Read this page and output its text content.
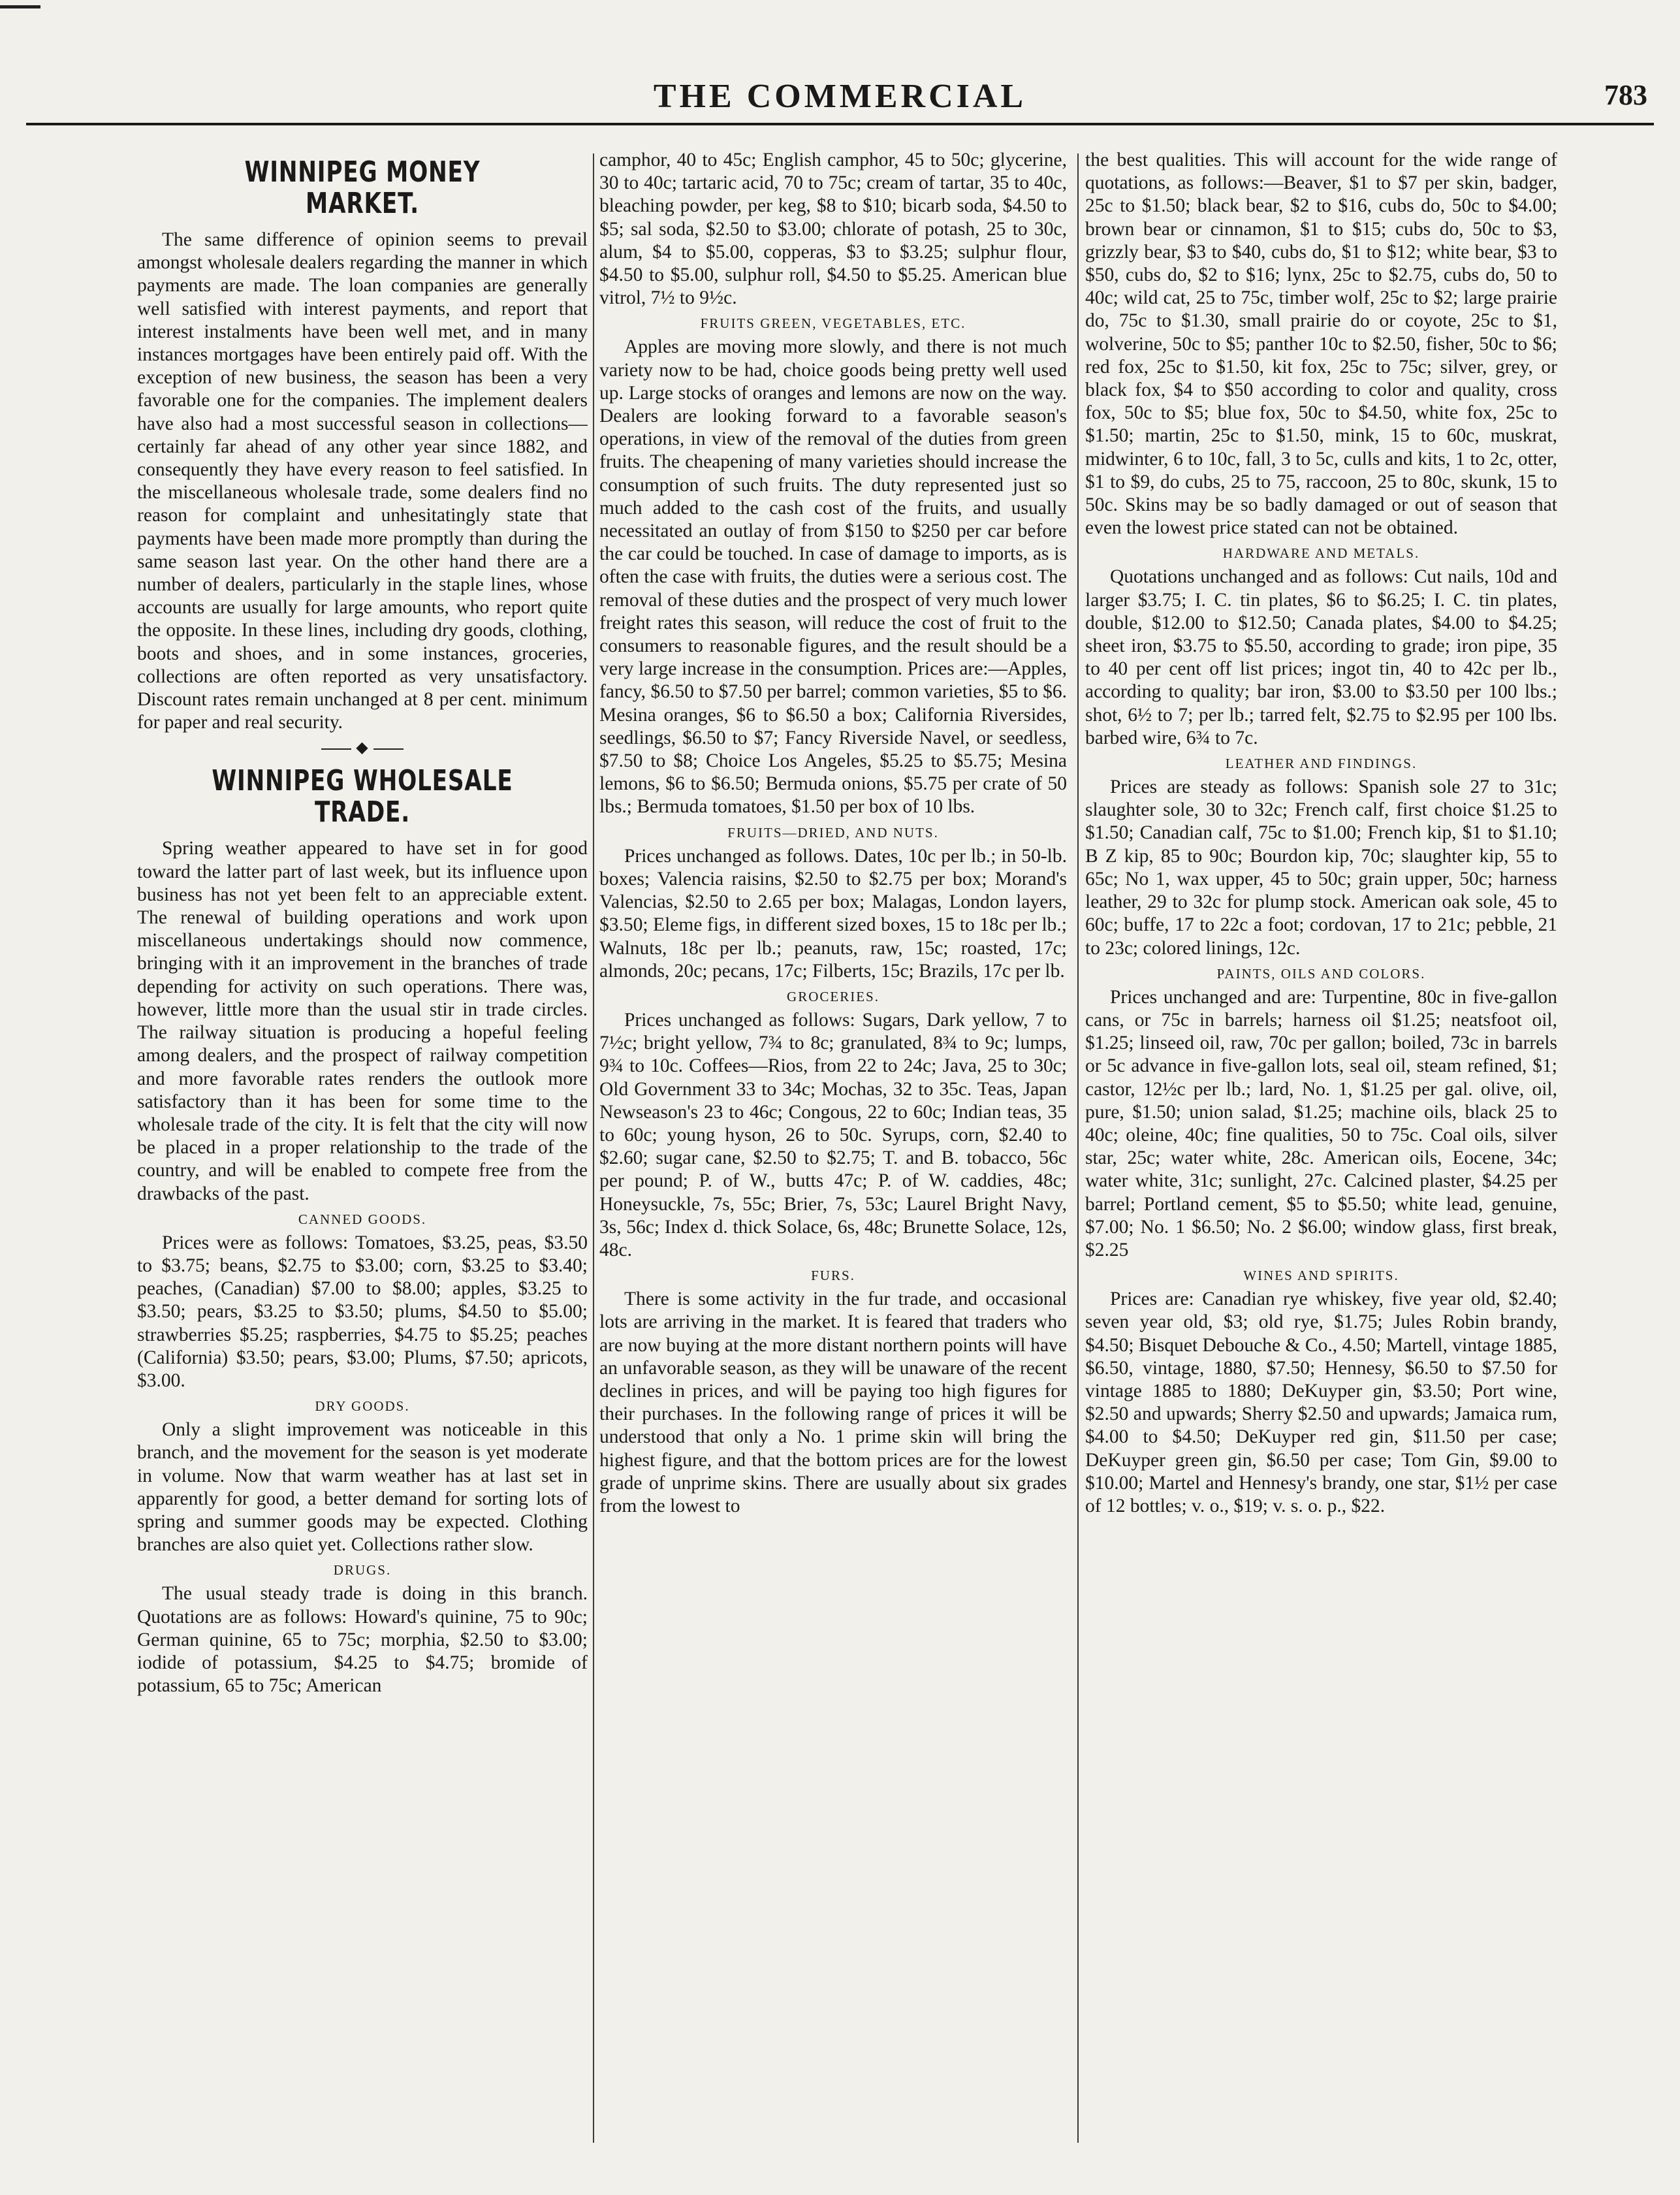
THE COMMERCIAL	783
WINNIPEG MONEY MARKET.

The same difference of opinion seems to prevail amongst wholesale dealers regarding the manner in which payments are made. The loan companies are generally well satisfied with interest payments, and report that interest instalments have been well met, and in many instances mortgages have been entirely paid off. With the exception of new business, the season has been a very favorable one for the companies. The implement dealers have also had a most successful season in collections—certainly far ahead of any other year since 1882, and consequently they have every reason to feel satisfied. In the miscellaneous wholesale trade, some dealers find no reason for complaint and unhesitatingly state that payments have been made more promptly than during the same season last year. On the other hand there are a number of dealers, particularly in the staple lines, whose accounts are usually for large amounts, who report quite the opposite. In these lines, including dry goods, clothing, boots and shoes, and in some instances, groceries, collections are often reported as very unsatisfactory. Discount rates remain unchanged at 8 per cent. minimum for paper and real security.

◆
WINNIPEG WHOLESALE TRADE.

Spring weather appeared to have set in for good toward the latter part of last week, but its influence upon business has not yet been felt to an appreciable extent. The renewal of building operations and work upon miscellaneous undertakings should now commence, bringing with it an improvement in the branches of trade depending for activity on such operations. There was, however, little more than the usual stir in trade circles. The railway situation is producing a hopeful feeling among dealers, and the prospect of railway competition and more favorable rates renders the outlook more satisfactory than it has been for some time to the wholesale trade of the city. It is felt that the city will now be placed in a proper relationship to the trade of the country, and will be enabled to compete free from the drawbacks of the past.

CANNED GOODS.

Prices were as follows: Tomatoes, $3.25, peas, $3.50 to $3.75; beans, $2.75 to $3.00; corn, $3.25 to $3.40; peaches, (Canadian) $7.00 to $8.00; apples, $3.25 to $3.50; pears, $3.25 to $3.50; plums, $4.50 to $5.00; strawberries $5.25; raspberries, $4.75 to $5.25; peaches (California) $3.50; pears, $3.00; Plums, $7.50; apricots, $3.00.

DRY GOODS.

Only a slight improvement was noticeable in this branch, and the movement for the season is yet moderate in volume. Now that warm weather has at last set in apparently for good, a better demand for sorting lots of spring and summer goods may be expected. Clothing branches are also quiet yet. Collections rather slow.

DRUGS.

The usual steady trade is doing in this branch. Quotations are as follows: Howard's quinine, 75 to 90c; German quinine, 65 to 75c; morphia, $2.50 to $3.00; iodide of potassium, $4.25 to $4.75; bromide of potassium, 65 to 75c; American

camphor, 40 to 45c; English camphor, 45 to 50c; glycerine, 30 to 40c; tartaric acid, 70 to 75c; cream of tartar, 35 to 40c, bleaching powder, per keg, $8 to $10; bicarb soda, $4.50 to $5; sal soda, $2.50 to $3.00; chlorate of potash, 25 to 30c, alum, $4 to $5.00, copperas, $3 to $3.25; sulphur flour, $4.50 to $5.00, sulphur roll, $4.50 to $5.25. American blue vitrol, 7½ to 9½c.

FRUITS GREEN, VEGETABLES, ETC.

Apples are moving more slowly, and there is not much variety now to be had, choice goods being pretty well used up. Large stocks of oranges and lemons are now on the way. Dealers are looking forward to a favorable season's operations, in view of the removal of the duties from green fruits. The cheapening of many varieties should increase the consumption of such fruits. The duty represented just so much added to the cash cost of the fruits, and usually necessitated an outlay of from $150 to $250 per car before the car could be touched. In case of damage to imports, as is often the case with fruits, the duties were a serious cost. The removal of these duties and the prospect of very much lower freight rates this season, will reduce the cost of fruit to the consumers to reasonable figures, and the result should be a very large increase in the consumption. Prices are:—Apples, fancy, $6.50 to $7.50 per barrel; common varieties, $5 to $6. Mesina oranges, $6 to $6.50 a box; California Riversides, seedlings, $6.50 to $7; Fancy Riverside Navel, or seedless, $7.50 to $8; Choice Los Angeles, $5.25 to $5.75; Mesina lemons, $6 to $6.50; Bermuda onions, $5.75 per crate of 50 lbs.; Bermuda tomatoes, $1.50 per box of 10 lbs.

FRUITS—DRIED, AND NUTS.

Prices unchanged as follows. Dates, 10c per lb.; in 50-lb. boxes; Valencia raisins, $2.50 to $2.75 per box; Morand's Valencias, $2.50 to 2.65 per box; Malagas, London layers, $3.50; Eleme figs, in different sized boxes, 15 to 18c per lb.; Walnuts, 18c per lb.; peanuts, raw, 15c; roasted, 17c; almonds, 20c; pecans, 17c; Filberts, 15c; Brazils, 17c per lb.

GROCERIES.

Prices unchanged as follows: Sugars, Dark yellow, 7 to 7½c; bright yellow, 7¾ to 8c; granulated, 8¾ to 9c; lumps, 9¾ to 10c. Coffees—Rios, from 22 to 24c; Java, 25 to 30c; Old Government 33 to 34c; Mochas, 32 to 35c. Teas, Japan Newseason's 23 to 46c; Congous, 22 to 60c; Indian teas, 35 to 60c; young hyson, 26 to 50c. Syrups, corn, $2.40 to $2.60; sugar cane, $2.50 to $2.75; T. and B. tobacco, 56c per pound; P. of W., butts 47c; P. of W. caddies, 48c; Honeysuckle, 7s, 55c; Brier, 7s, 53c; Laurel Bright Navy, 3s, 56c; Index d. thick Solace, 6s, 48c; Brunette Solace, 12s, 48c.

FURS.

There is some activity in the fur trade, and occasional lots are arriving in the market. It is feared that traders who are now buying at the more distant northern points will have an unfavorable season, as they will be unaware of the recent declines in prices, and will be paying too high figures for their purchases. In the following range of prices it will be understood that only a No. 1 prime skin will bring the highest figure, and that the bottom prices are for the lowest grade of unprime skins. There are usually about six grades from the lowest to

the best qualities. This will account for the wide range of quotations, as follows:—Beaver, $1 to $7 per skin, badger, 25c to $1.50; black bear, $2 to $16, cubs do, 50c to $4.00; brown bear or cinnamon, $1 to $15; cubs do, 50c to $3, grizzly bear, $3 to $40, cubs do, $1 to $12; white bear, $3 to $50, cubs do, $2 to $16; lynx, 25c to $2.75, cubs do, 50 to 40c; wild cat, 25 to 75c, timber wolf, 25c to $2; large prairie do, 75c to $1.30, small prairie do or coyote, 25c to $1, wolverine, 50c to $5; panther 10c to $2.50, fisher, 50c to $6; red fox, 25c to $1.50, kit fox, 25c to 75c; silver, grey, or black fox, $4 to $50 according to color and quality, cross fox, 50c to $5; blue fox, 50c to $4.50, white fox, 25c to $1.50; martin, 25c to $1.50, mink, 15 to 60c, muskrat, midwinter, 6 to 10c, fall, 3 to 5c, culls and kits, 1 to 2c, otter, $1 to $9, do cubs, 25 to 75, raccoon, 25 to 80c, skunk, 15 to 50c. Skins may be so badly damaged or out of season that even the lowest price stated can not be obtained.

HARDWARE AND METALS.

Quotations unchanged and as follows: Cut nails, 10d and larger $3.75; I. C. tin plates, $6 to $6.25; I. C. tin plates, double, $12.00 to $12.50; Canada plates, $4.00 to $4.25; sheet iron, $3.75 to $5.50, according to grade; iron pipe, 35 to 40 per cent off list prices; ingot tin, 40 to 42c per lb., according to quality; bar iron, $3.00 to $3.50 per 100 lbs.; shot, 6½ to 7; per lb.; tarred felt, $2.75 to $2.95 per 100 lbs. barbed wire, 6¾ to 7c.

LEATHER AND FINDINGS.

Prices are steady as follows: Spanish sole 27 to 31c; slaughter sole, 30 to 32c; French calf, first choice $1.25 to $1.50; Canadian calf, 75c to $1.00; French kip, $1 to $1.10; B Z kip, 85 to 90c; Bourdon kip, 70c; slaughter kip, 55 to 65c; No 1, wax upper, 45 to 50c; grain upper, 50c; harness leather, 29 to 32c for plump stock. American oak sole, 45 to 60c; buffe, 17 to 22c a foot; cordovan, 17 to 21c; pebble, 21 to 23c; colored linings, 12c.

PAINTS, OILS AND COLORS.

Prices unchanged and are: Turpentine, 80c in five-gallon cans, or 75c in barrels; harness oil $1.25; neatsfoot oil, $1.25; linseed oil, raw, 70c per gallon; boiled, 73c in barrels or 5c advance in five-gallon lots, seal oil, steam refined, $1; castor, 12½c per lb.; lard, No. 1, $1.25 per gal. olive, oil, pure, $1.50; union salad, $1.25; machine oils, black 25 to 40c; oleine, 40c; fine qualities, 50 to 75c. Coal oils, silver star, 25c; water white, 28c. American oils, Eocene, 34c; water white, 31c; sunlight, 27c. Calcined plaster, $4.25 per barrel; Portland cement, $5 to $5.50; white lead, genuine, $7.00; No. 1 $6.50; No. 2 $6.00; window glass, first break, $2.25

WINES AND SPIRITS.

Prices are: Canadian rye whiskey, five year old, $2.40; seven year old, $3; old rye, $1.75; Jules Robin brandy, $4.50; Bisquet Debouche & Co., 4.50; Martell, vintage 1885, $6.50, vintage, 1880, $7.50; Hennesy, $6.50 to $7.50 for vintage 1885 to 1880; DeKuyper gin, $3.50; Port wine, $2.50 and upwards; Sherry $2.50 and upwards; Jamaica rum, $4.00 to $4.50; DeKuyper red gin, $11.50 per case; DeKuyper green gin, $6.50 per case; Tom Gin, $9.00 to $10.00; Martel and Hennesy's brandy, one star, $1½ per case of 12 bottles; v. o., $19; v. s. o. p., $22.
